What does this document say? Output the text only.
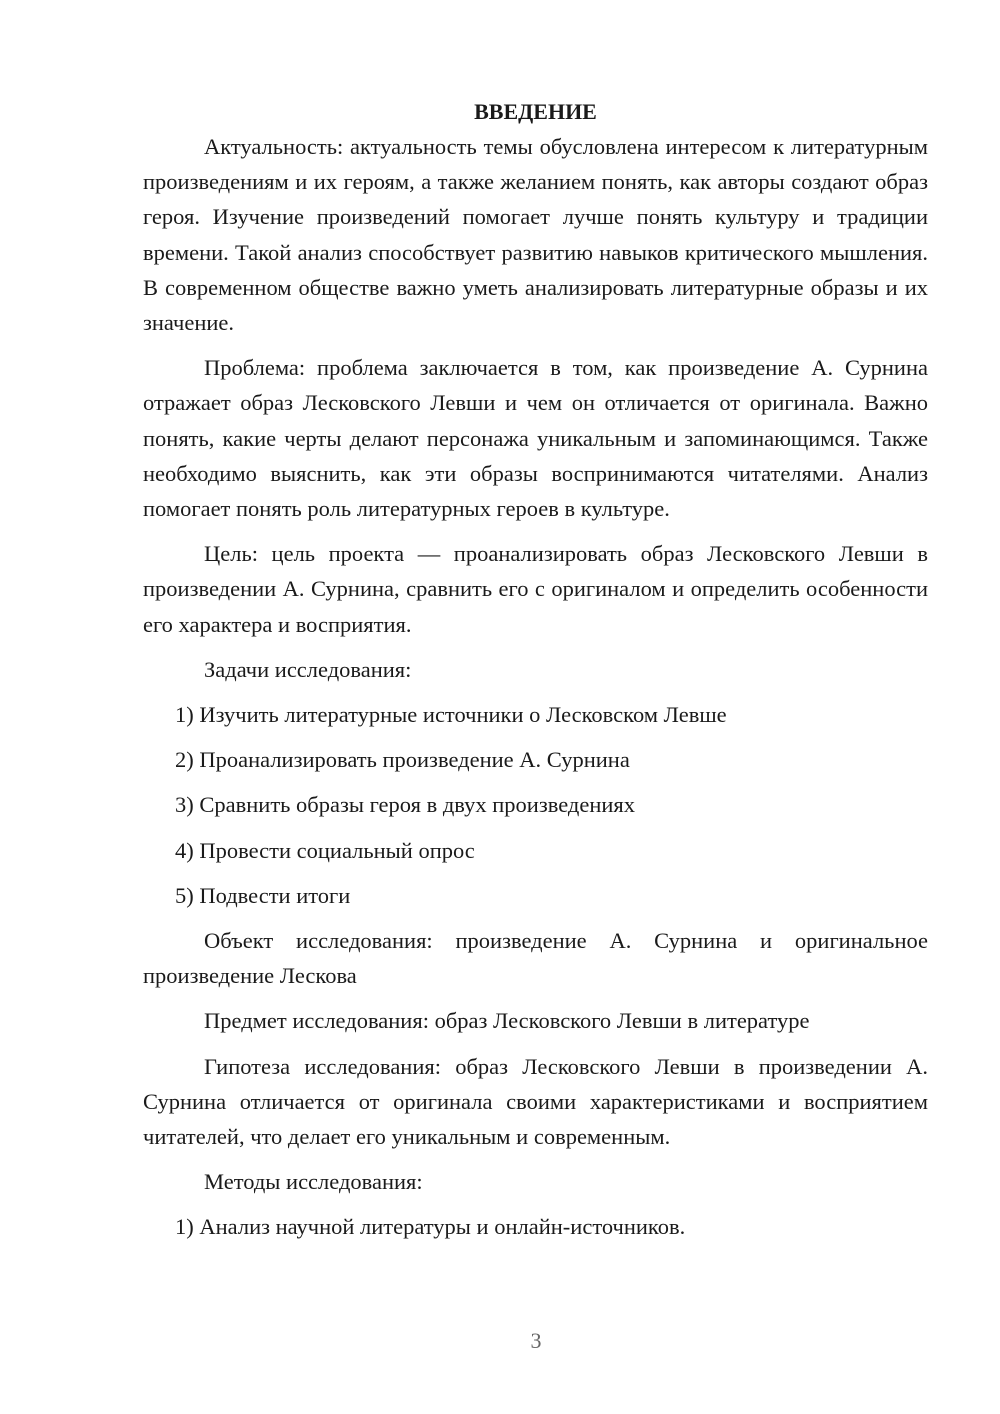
ВВЕДЕНИЕ

Актуальность: актуальность темы обусловлена интересом к литературным произведениям и их героям, а также желанием понять, как авторы создают образ героя. Изучение произведений помогает лучше понять культуру и традиции времени. Такой анализ способствует развитию навыков критического мышления. В современном обществе важно уметь анализировать литературные образы и их значение.

Проблема: проблема заключается в том, как произведение А. Сурнина отражает образ Лесковского Левши и чем он отличается от оригинала. Важно понять, какие черты делают персонажа уникальным и запоминающимся. Также необходимо выяснить, как эти образы воспринимаются читателями. Анализ помогает понять роль литературных героев в культуре.

Цель: цель проекта — проанализировать образ Лесковского Левши в произведении А. Сурнина, сравнить его с оригиналом и определить особенности его характера и восприятия.

Задачи исследования:

1) Изучить литературные источники о Лесковском Левше

2) Проанализировать произведение А. Сурнина

3) Сравнить образы героя в двух произведениях

4) Провести социальный опрос

5) Подвести итоги

Объект исследования: произведение А. Сурнина и оригинальное произведение Лескова

Предмет исследования: образ Лесковского Левши в литературе

Гипотеза исследования: образ Лесковского Левши в произведении А. Сурнина отличается от оригинала своими характеристиками и восприятием читателей, что делает его уникальным и современным.

Методы исследования:

1) Анализ научной литературы и онлайн-источников.

3
